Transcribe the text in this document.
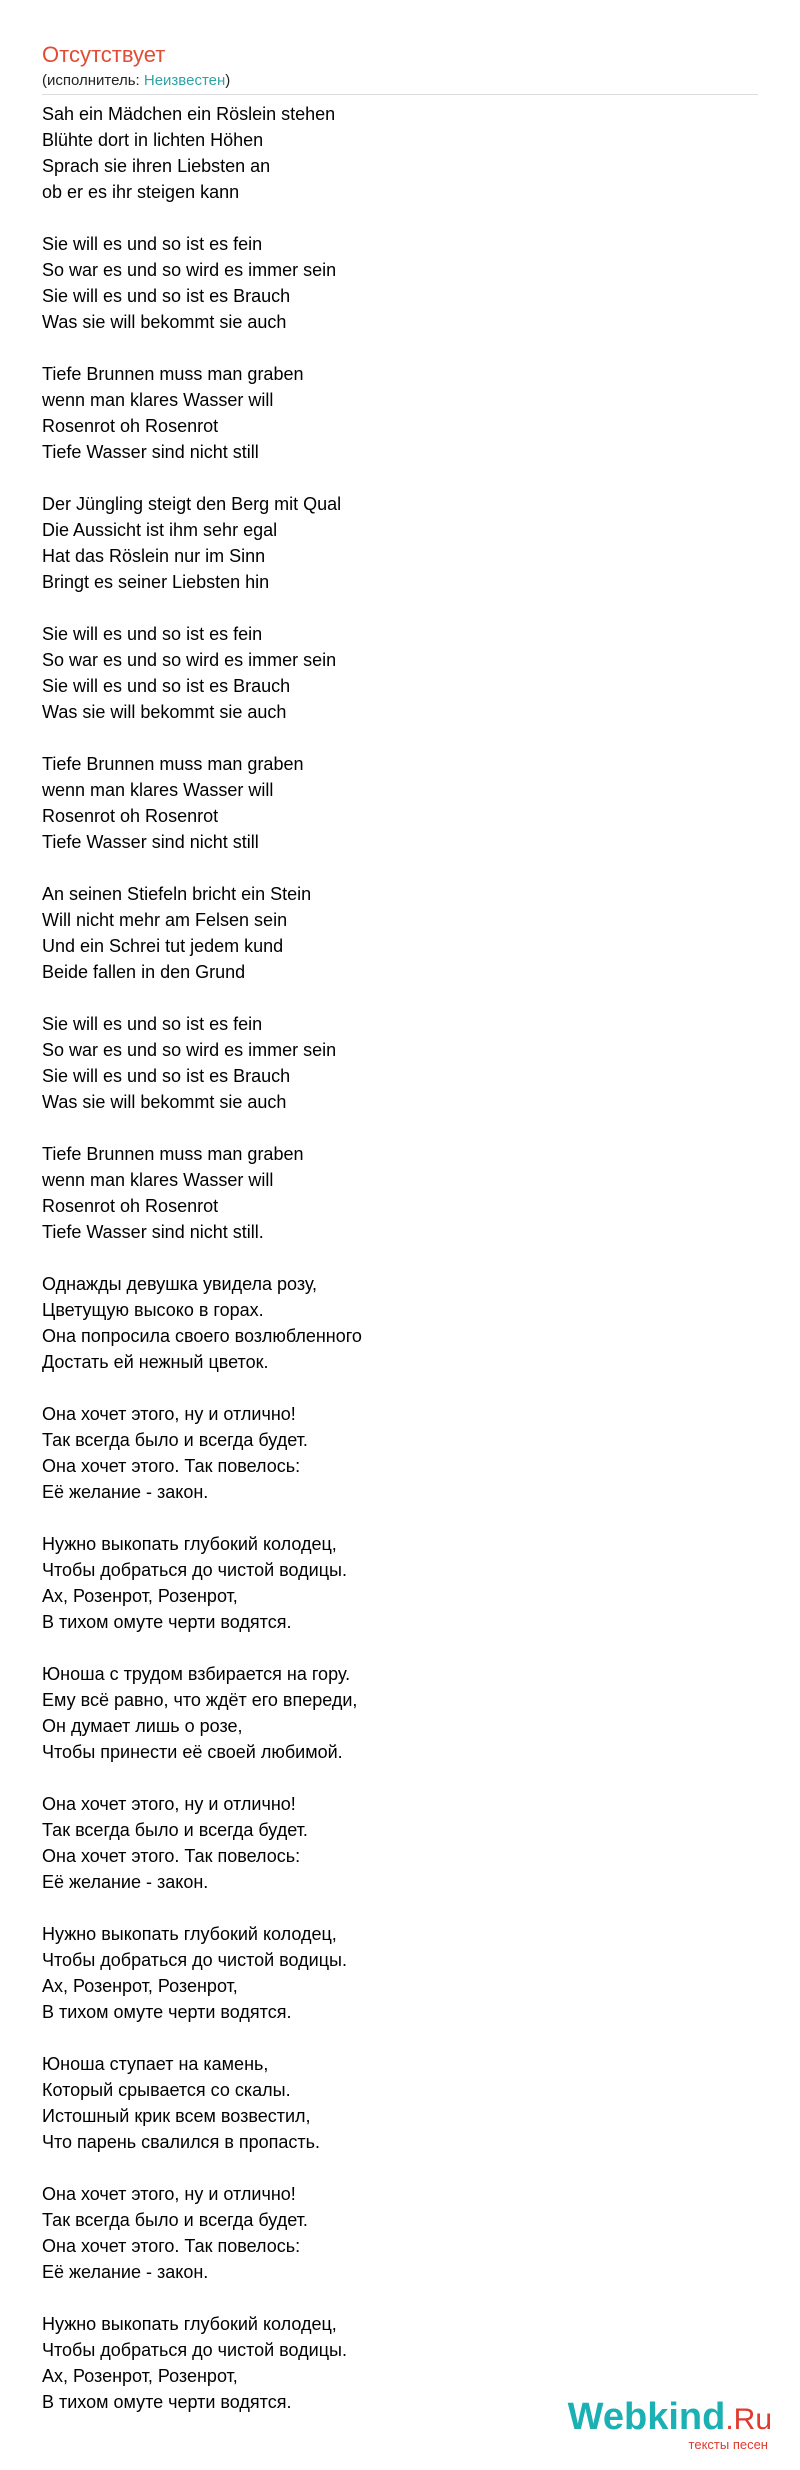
Отсутствует
(исполнитель: Неизвестен)
Sah ein Mädchen ein Röslein stehen
Blühte dort in lichten Höhen
Sprach sie ihren Liebsten an
ob er es ihr steigen kann
Sie will es und so ist es fein
So war es und so wird es immer sein
Sie will es und so ist es Brauch
Was sie will bekommt sie auch
Tiefe Brunnen muss man graben
wenn man klares Wasser will
Rosenrot oh Rosenrot
Tiefe Wasser sind nicht still
Der Jüngling steigt den Berg mit Qual
Die Aussicht ist ihm sehr egal
Hat das Röslein nur im Sinn
Bringt es seiner Liebsten hin
Sie will es und so ist es fein
So war es und so wird es immer sein
Sie will es und so ist es Brauch
Was sie will bekommt sie auch
Tiefe Brunnen muss man graben
wenn man klares Wasser will
Rosenrot oh Rosenrot
Tiefe Wasser sind nicht still
An seinen Stiefeln bricht ein Stein
Will nicht mehr am Felsen sein
Und ein Schrei tut jedem kund
Beide fallen in den Grund
Sie will es und so ist es fein
So war es und so wird es immer sein
Sie will es und so ist es Brauch
Was sie will bekommt sie auch
Tiefe Brunnen muss man graben
wenn man klares Wasser will
Rosenrot oh Rosenrot
Tiefe Wasser sind nicht still.
Однажды девушка увидела розу,
Цветущую высоко в горах.
Она попросила своего возлюбленного
Достать ей нежный цветок.
Она хочет этого, ну и отлично!
Так всегда было и всегда будет.
Она хочет этого. Так повелось:
Её желание - закон.
Нужно выкопать глубокий колодец,
Чтобы добраться до чистой водицы.
Ах, Розенрот, Розенрот,
В тихом омуте черти водятся.
Юноша с трудом взбирается на гору.
Ему всё равно, что ждёт его впереди,
Он думает лишь о розе,
Чтобы принести её своей любимой.
Она хочет этого, ну и отлично!
Так всегда было и всегда будет.
Она хочет этого. Так повелось:
Её желание - закон.
Нужно выкопать глубокий колодец,
Чтобы добраться до чистой водицы.
Ах, Розенрот, Розенрот,
В тихом омуте черти водятся.
Юноша ступает на камень,
Который срывается со скалы.
Истошный крик всем возвестил,
Что парень свалился в пропасть.
Она хочет этого, ну и отлично!
Так всегда было и всегда будет.
Она хочет этого. Так повелось:
Её желание - закон.
Нужно выкопать глубокий колодец,
Чтобы добраться до чистой водицы.
Ах, Розенрот, Розенрот,
В тихом омуте черти водятся.	Webkind.Ru
тексты песен
